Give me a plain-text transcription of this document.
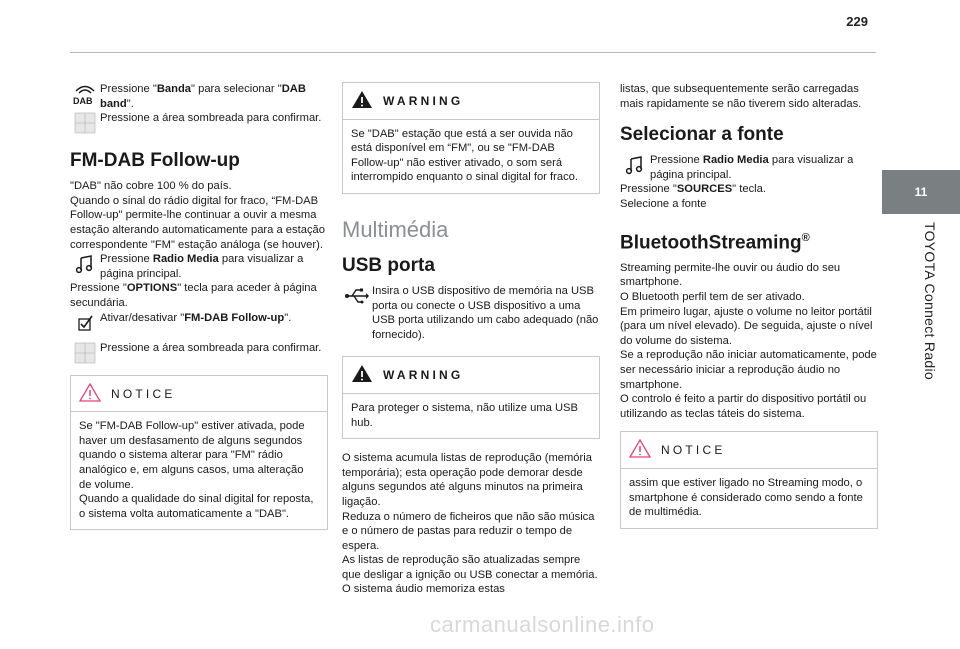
229
11
TOYOTA Connect Radio
DAB
Pressione "Banda" para selecionar "DAB band".
Pressione a área sombreada para confirmar.
FM-DAB Follow-up
"DAB" não cobre 100 % do país.
Quando o sinal do rádio digital for fraco, “FM-DAB Follow-up" permite-lhe continuar a ouvir a mesma estação alterando automaticamente para a estação correspondente "FM" estação análoga (se houver).
Pressione Radio Media para visualizar a página principal.
Pressione "OPTIONS" tecla para aceder à página secundária.
Ativar/desativar "FM-DAB Follow-up".
Pressione a área sombreada para confirmar.
NOTICE
Se "FM-DAB Follow-up" estiver ativada, pode haver um desfasamento de alguns segundos quando o sistema alterar para "FM" rádio analógico e, em alguns casos, uma alteração de volume.
Quando a qualidade do sinal digital for reposta, o sistema volta automaticamente a "DAB".
WARNING
Se "DAB" estação que está a ser ouvida não está disponível em “FM", ou se "FM-DAB Follow-up" não estiver ativado, o som será interrompido enquanto o sinal digital for fraco.
Multimédia
USB porta
Insira o USB dispositivo de memória na USB porta ou conecte o USB dispositivo a uma USB porta utilizando um cabo adequado (não fornecido).
WARNING
Para proteger o sistema, não utilize uma USB hub.
O sistema acumula listas de reprodução (memória temporária); esta operação pode demorar desde alguns segundos até alguns minutos na primeira ligação.
Reduza o número de ficheiros que não são música e o número de pastas para reduzir o tempo de espera.
As listas de reprodução são atualizadas sempre que desligar a ignição ou USB conectar a memória. O sistema áudio memoriza estas
listas, que subsequentemente serão carregadas mais rapidamente se não tiverem sido alteradas.
Selecionar a fonte
Pressione Radio Media para visualizar a página principal.
Pressione "SOURCES" tecla.
Selecione a fonte
BluetoothStreaming®
Streaming permite-lhe ouvir ou áudio do seu smartphone.
O Bluetooth perfil tem de ser ativado.
Em primeiro lugar, ajuste o volume no leitor portátil (para um nível elevado). De seguida, ajuste o nível do volume do sistema.
Se a reprodução não iniciar automaticamente, pode ser necessário iniciar a reprodução áudio no smartphone.
O controlo é feito a partir do dispositivo portátil ou utilizando as teclas táteis do sistema.
NOTICE
assim que estiver ligado no Streaming modo, o smartphone é considerado como sendo a fonte de multimédia.
carmanualsonline.info
